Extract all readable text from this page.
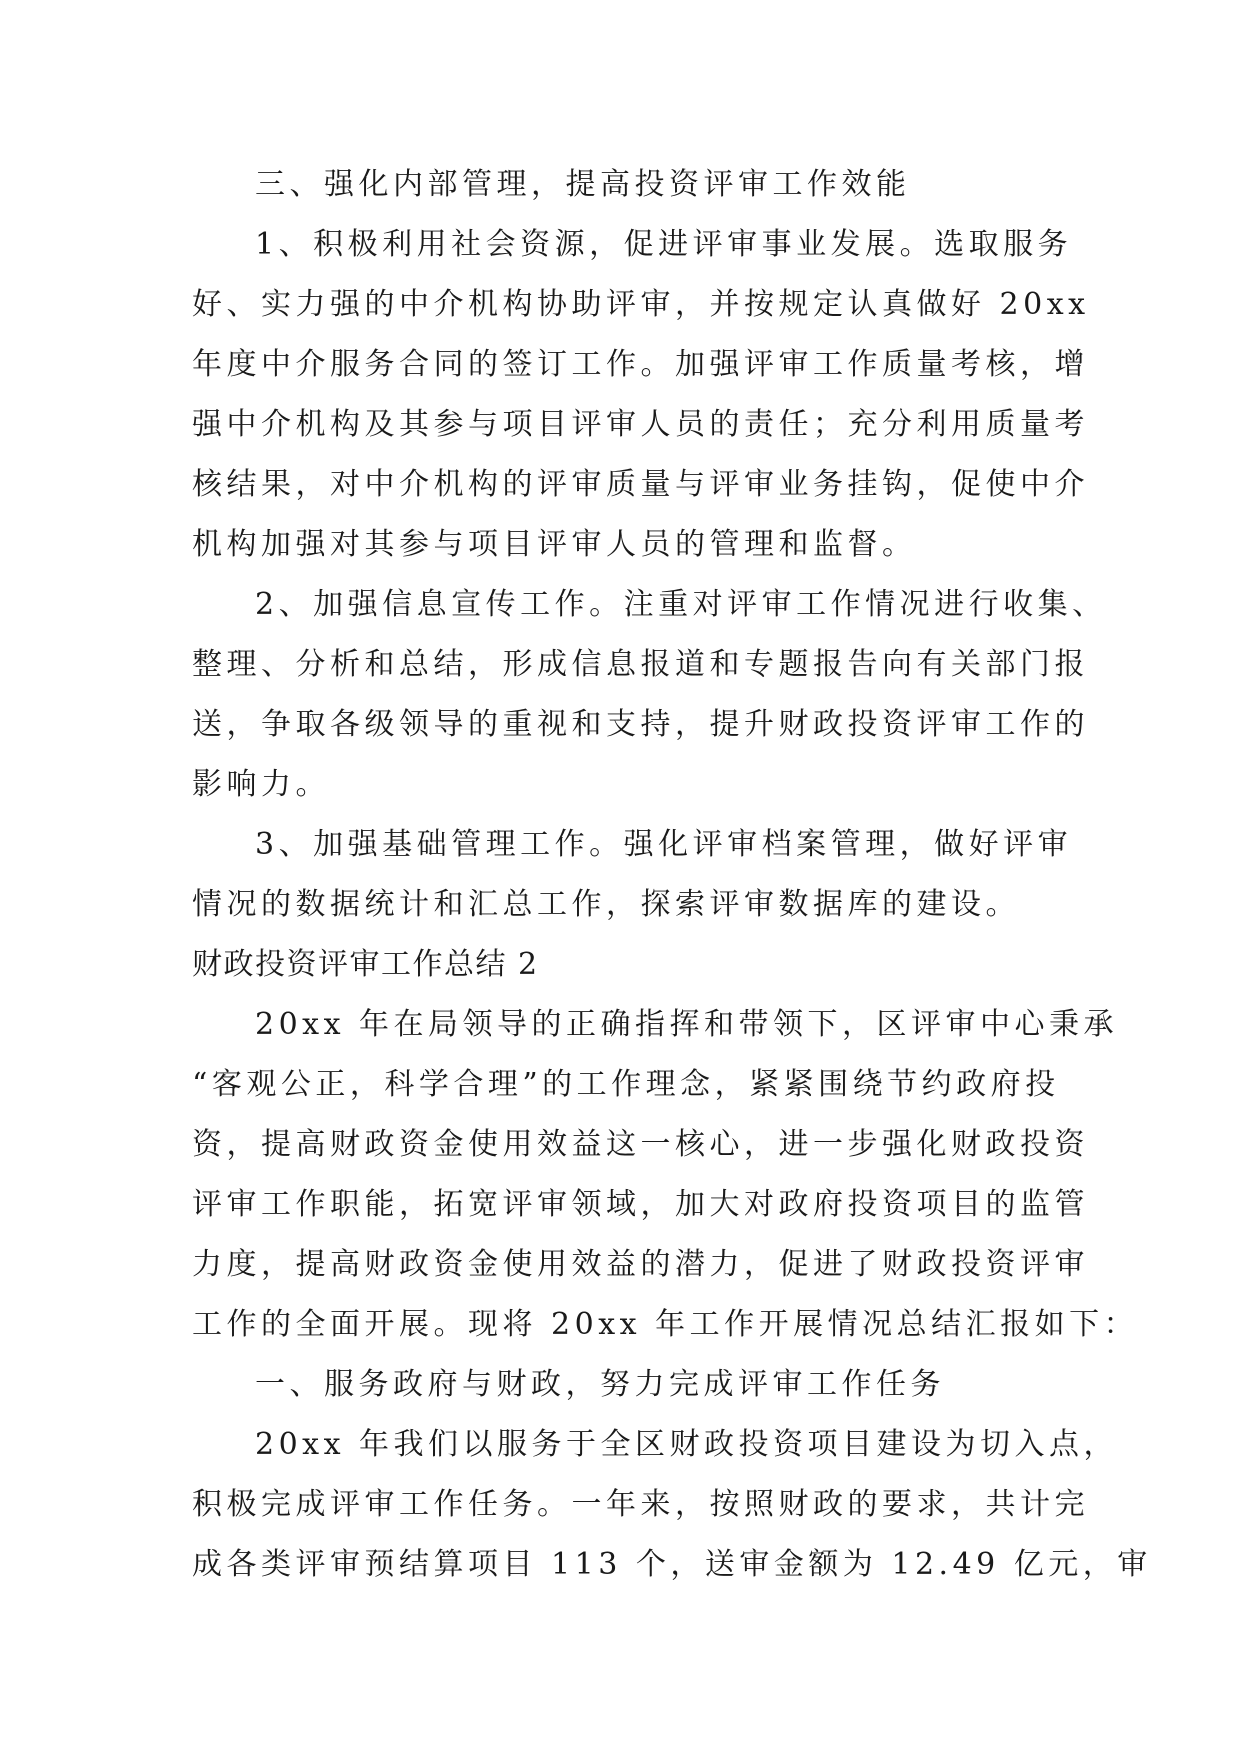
三、强化内部管理，提高投资评审工作效能
1、积极利用社会资源，促进评审事业发展。选取服务
好、实力强的中介机构协助评审，并按规定认真做好 20xx
年度中介服务合同的签订工作。加强评审工作质量考核，增
强中介机构及其参与项目评审人员的责任；充分利用质量考
核结果，对中介机构的评审质量与评审业务挂钩，促使中介
机构加强对其参与项目评审人员的管理和监督。
2、加强信息宣传工作。注重对评审工作情况进行收集、
整理、分析和总结，形成信息报道和专题报告向有关部门报
送，争取各级领导的重视和支持，提升财政投资评审工作的
影响力。
3、加强基础管理工作。强化评审档案管理，做好评审
情况的数据统计和汇总工作，探索评审数据库的建设。
财政投资评审工作总结 2
20xx 年在局领导的正确指挥和带领下，区评审中心秉承
“客观公正，科学合理”的工作理念，紧紧围绕节约政府投
资，提高财政资金使用效益这一核心，进一步强化财政投资
评审工作职能，拓宽评审领域，加大对政府投资项目的监管
力度，提高财政资金使用效益的潜力，促进了财政投资评审
工作的全面开展。现将 20xx 年工作开展情况总结汇报如下：
一、服务政府与财政，努力完成评审工作任务
20xx 年我们以服务于全区财政投资项目建设为切入点，
积极完成评审工作任务。一年来，按照财政的要求，共计完
成各类评审预结算项目 113 个，送审金额为 12.49 亿元，审
